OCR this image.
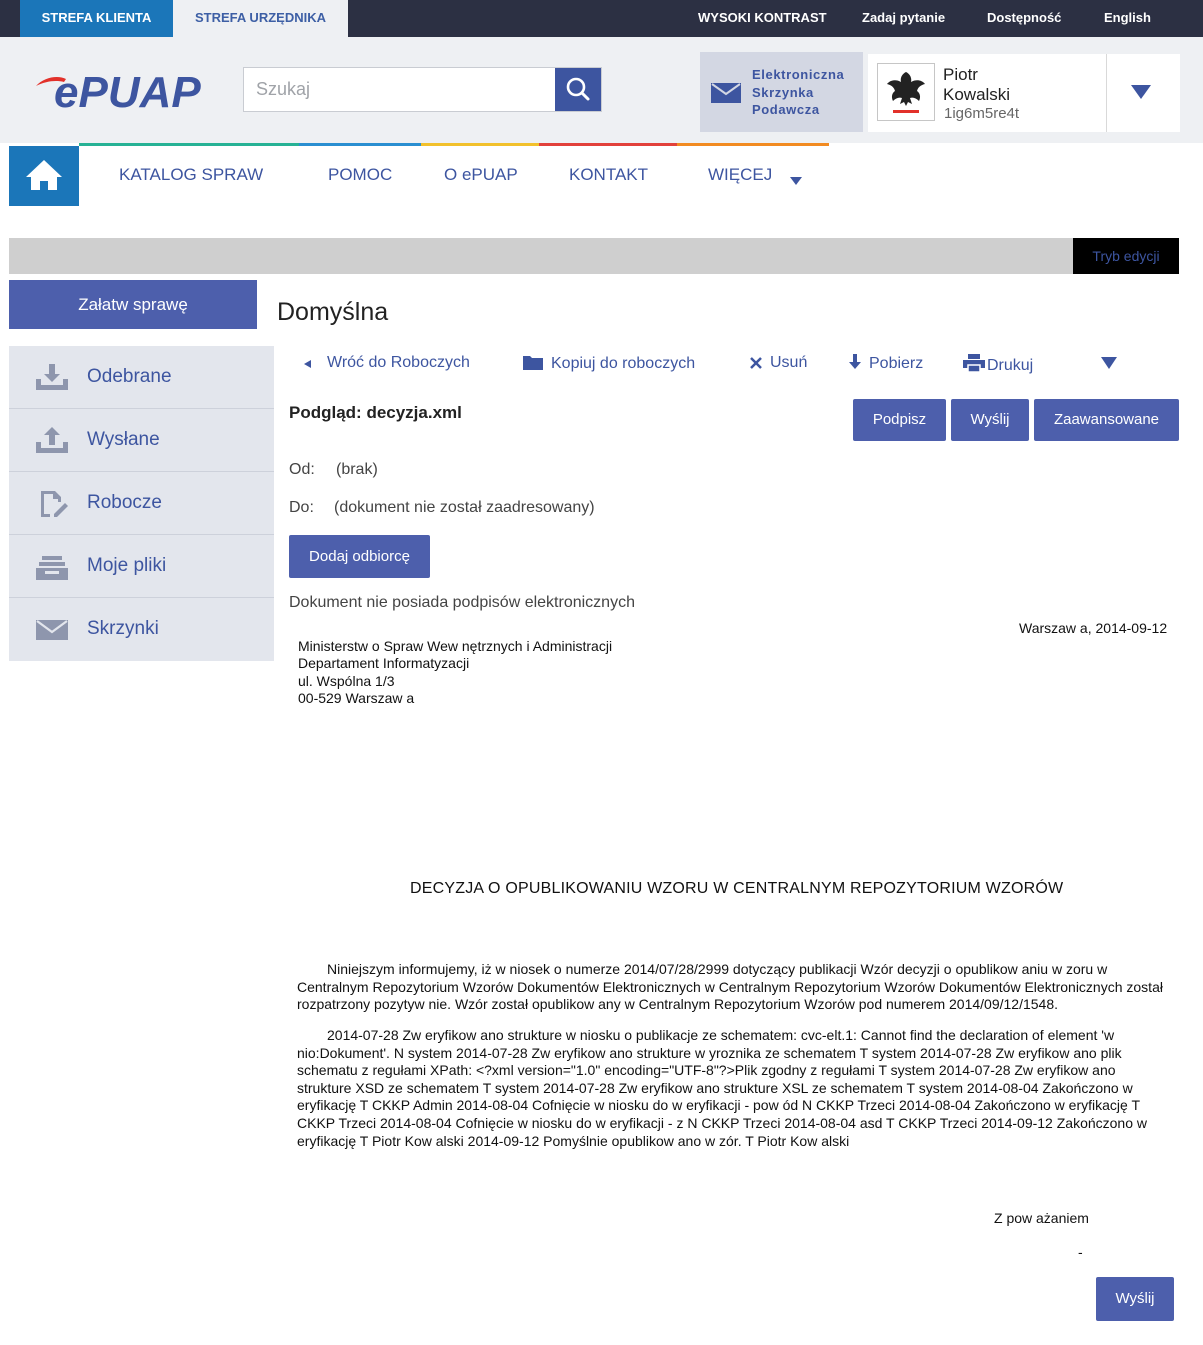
STREFA KLIENTA	STREFA URZĘDNIKA	WYSOKI KONTRAST	Zadaj pytanie	Dostępność	English
ePUAP
Szukaj	Elektroniczna
Skrzynka
Podawcza
Piotr
Kowalski
1ig6m5re4t
KATALOG SPRAW	POMOC	O ePUAP	KONTAKT	WIĘCEJ
Tryb edycji
Załatw sprawę
Odebrane
Wysłane
Robocze
Moje pliki
Skrzynki
Domyślna
Wróć do Roboczych	Kopiuj do roboczych	Usuń	Pobierz	Drukuj
Podgląd: decyzja.xml	Podpisz	Wyślij	Zaawansowane
Od: (brak)
Do: (dokument nie został zaadresowany)
Dodaj odbiorcę
Dokument nie posiada podpisów elektronicznych
Warszaw a, 2014-09-12
Ministerstw o Spraw Wew nętrznych i Administracji
Departament Informatyzacji
ul. Wspólna 1/3
00-529 Warszaw a
DECYZJA O OPUBLIKOWANIU WZORU W CENTRALNYM REPOZYTORIUM WZORÓW
Niniejszym informujemy, iż w niosek o numerze 2014/07/28/2999 dotyczący publikacji Wzór decyzji o opublikow aniu w zoru w Centralnym Repozytorium Wzorów Dokumentów Elektronicznych w Centralnym Repozytorium Wzorów Dokumentów Elektronicznych został rozpatrzony pozytyw nie. Wzór został opublikow any w Centralnym Repozytorium Wzorów pod numerem 2014/09/12/1548.
2014-07-28 Zw eryfikow ano strukture w niosku o publikacje ze schematem: cvc-elt.1: Cannot find the declaration of element 'w nio:Dokument'. N system 2014-07-28 Zw eryfikow ano strukture w yroznika ze schematem T system 2014-07-28 Zw eryfikow ano plik schematu z regułami XPath: <?xml version="1.0" encoding="UTF-8"?>Plik zgodny z regułami T system 2014-07-28 Zw eryfikow ano strukture XSD ze schematem T system 2014-07-28 Zw eryfikow ano strukture XSL ze schematem T system 2014-08-04 Zakończono w eryfikację T CKKP Admin 2014-08-04 Cofnięcie w niosku do w eryfikacji - pow ód N CKKP Trzeci 2014-08-04 Zakończono w eryfikację T CKKP Trzeci 2014-08-04 Cofnięcie w niosku do w eryfikacji - z N CKKP Trzeci 2014-08-04 asd T CKKP Trzeci 2014-09-12 Zakończono w eryfikację T Piotr Kow alski 2014-09-12 Pomyślnie opublikow ano w zór. T Piotr Kow alski
Z pow ażaniem
-
Wyślij
